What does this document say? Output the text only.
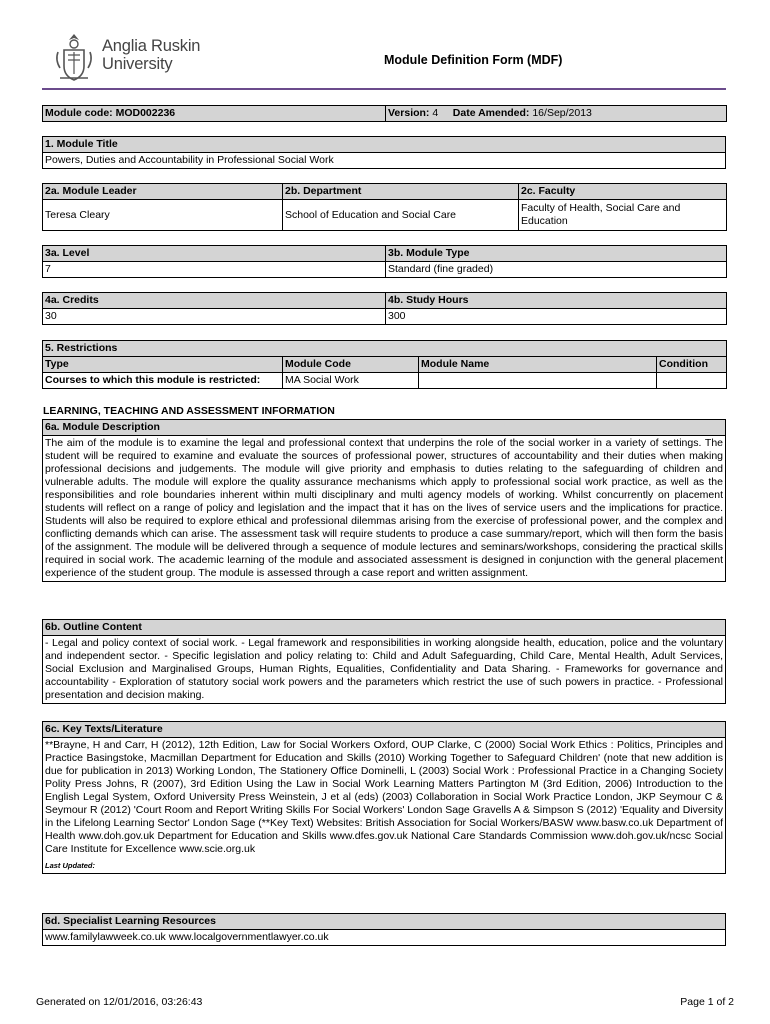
Anglia Ruskin
University	Module Definition Form (MDF)
Module code: MOD002236	Version: 4 Date Amended: 16/Sep/2013
1. Module Title
Powers, Duties and Accountability in Professional Social Work
2a. Module Leader	2b. Department	2c. Faculty
Teresa Cleary	School of Education and Social Care	Faculty of Health, Social Care and Education
3a. Level	3b. Module Type
7	Standard (fine graded)
4a. Credits	4b. Study Hours
30	300
5. Restrictions			
Type	Module Code	Module Name	Condition
Courses to which this module is restricted:	MA Social Work		
LEARNING, TEACHING AND ASSESSMENT INFORMATION
6a. Module Description
The aim of the module is to examine the legal and professional context that underpins the role of the social worker in a variety of settings. The student will be required to examine and evaluate the sources of professional power, structures of accountability and their duties when making professional decisions and judgements. The module will give priority and emphasis to duties relating to the safeguarding of children and vulnerable adults. The module will explore the quality assurance mechanisms which apply to professional social work practice, as well as the responsibilities and role boundaries inherent within multi disciplinary and multi agency models of working. Whilst concurrently on placement students will reflect on a range of policy and legislation and the impact that it has on the lives of service users and the implications for practice. Students will also be required to explore ethical and professional dilemmas arising from the exercise of professional power, and the complex and conflicting demands which can arise. The assessment task will require students to produce a case summary/report, which will then form the basis of the assignment. The module will be delivered through a sequence of module lectures and seminars/workshops, considering the practical skills required in social work. The academic learning of the module and associated assessment is designed in conjunction with the general placement experience of the student group. The module is assessed through a case report and written assignment.
6b. Outline Content
- Legal and policy context of social work. - Legal framework and responsibilities in working alongside health, education, police and the voluntary and independent sector. - Specific legislation and policy relating to: Child and Adult Safeguarding, Child Care, Mental Health, Adult Services, Social Exclusion and Marginalised Groups, Human Rights, Equalities, Confidentiality and Data Sharing. - Frameworks for governance and accountability - Exploration of statutory social work powers and the parameters which restrict the use of such powers in practice. - Professional presentation and decision making.
6c. Key Texts/Literature

**Brayne, H and Carr, H (2012), 12th Edition, Law for Social Workers Oxford, OUP Clarke, C (2000) Social Work Ethics : Politics, Principles and Practice Basingstoke, Macmillan Department for Education and Skills (2010) Working Together to Safeguard Children' (note that new addition is due for publication in 2013) Working London, The Stationery Office Dominelli, L (2003) Social Work : Professional Practice in a Changing Society Polity Press Johns, R (2007), 3rd Edition Using the Law in Social Work Learning Matters Partington M (3rd Edition, 2006) Introduction to the English Legal System, Oxford University Press Weinstein, J et al (eds) (2003) Collaboration in Social Work Practice London, JKP Seymour C & Seymour R (2012) 'Court Room and Report Writing Skills For Social Workers' London Sage Gravells A & Simpson S (2012) 'Equality and Diversity in the Lifelong Learning Sector' London Sage (**Key Text) Websites: British Association for Social Workers/BASW www.basw.co.uk Department of Health www.doh.gov.uk Department for Education and Skills www.dfes.gov.uk National Care Standards Commission www.doh.gov.uk/ncsc Social Care Institute for Excellence www.scie.org.uk
Last Updated:
6d. Specialist Learning Resources
www.familylawweek.co.uk www.localgovernmentlawyer.co.uk
Generated on 12/01/2016, 03:26:43	Page 1 of 2
